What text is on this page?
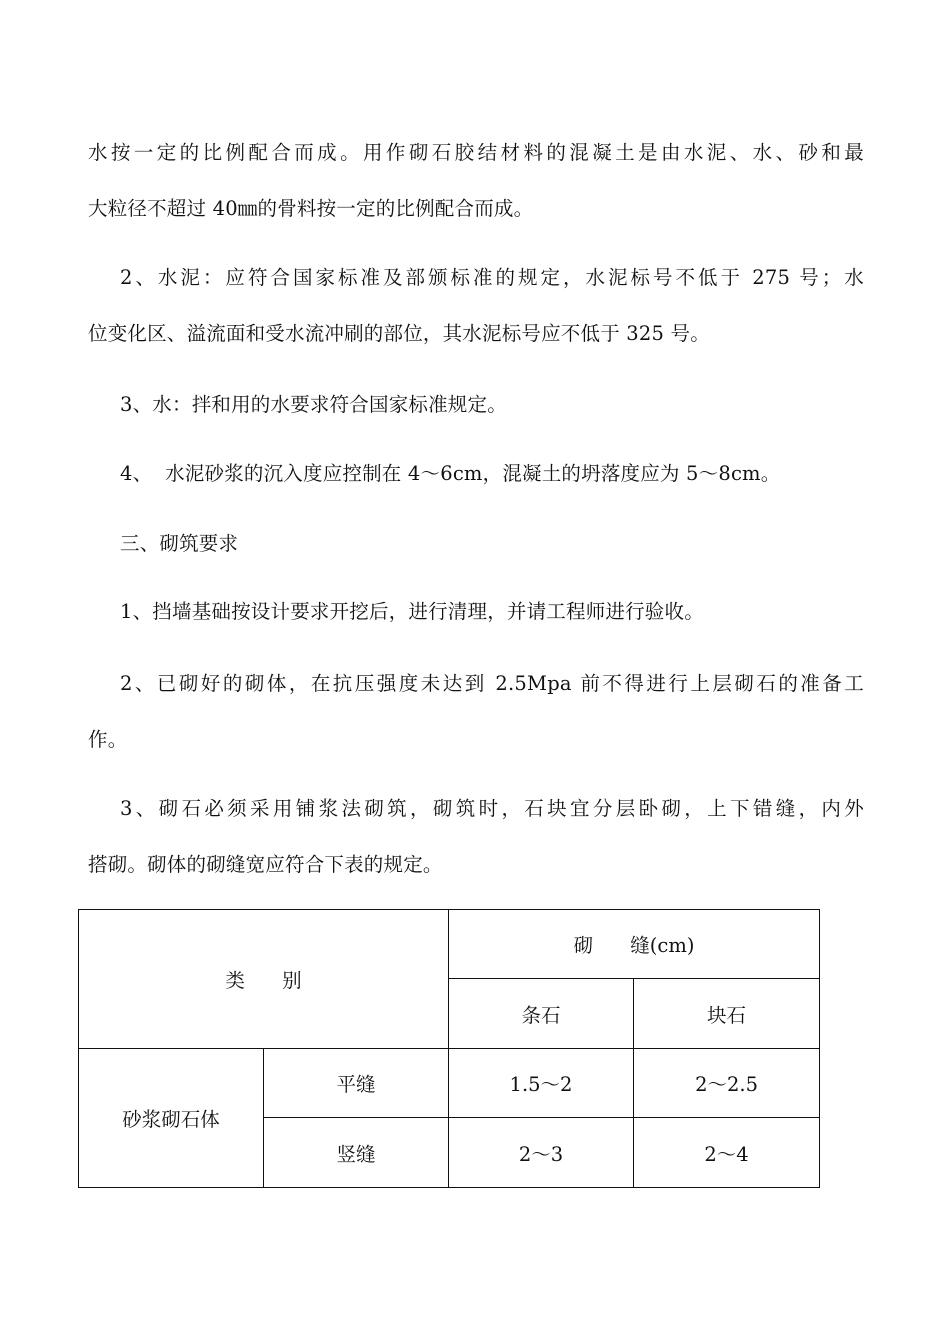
水按一定的比例配合而成。用作砌石胶结材料的混凝土是由水泥、水、砂和最
大粒径不超过 40㎜的骨料按一定的比例配合而成。
2、水泥：应符合国家标准及部颁标准的规定，水泥标号不低于 275 号；水
位变化区、溢流面和受水流冲刷的部位，其水泥标号应不低于 325 号。
3、水：拌和用的水要求符合国家标准规定。
4、  水泥砂浆的沉入度应控制在 4～6cm，混凝土的坍落度应为 5～8cm。
三、砌筑要求
1、挡墙基础按设计要求开挖后，进行清理，并请工程师进行验收。
2、已砌好的砌体，在抗压强度未达到 2.5Mpa 前不得进行上层砌石的准备工
作。
3、砌石必须采用铺浆法砌筑，砌筑时，石块宜分层卧砌，上下错缝，内外
搭砌。砌体的砌缝宽应符合下表的规定。
类      别		砌      缝(cm)	
		条石	块石
砂浆砌石体	平缝	1.5～2	2～2.5
	竖缝	2～3	2～4
